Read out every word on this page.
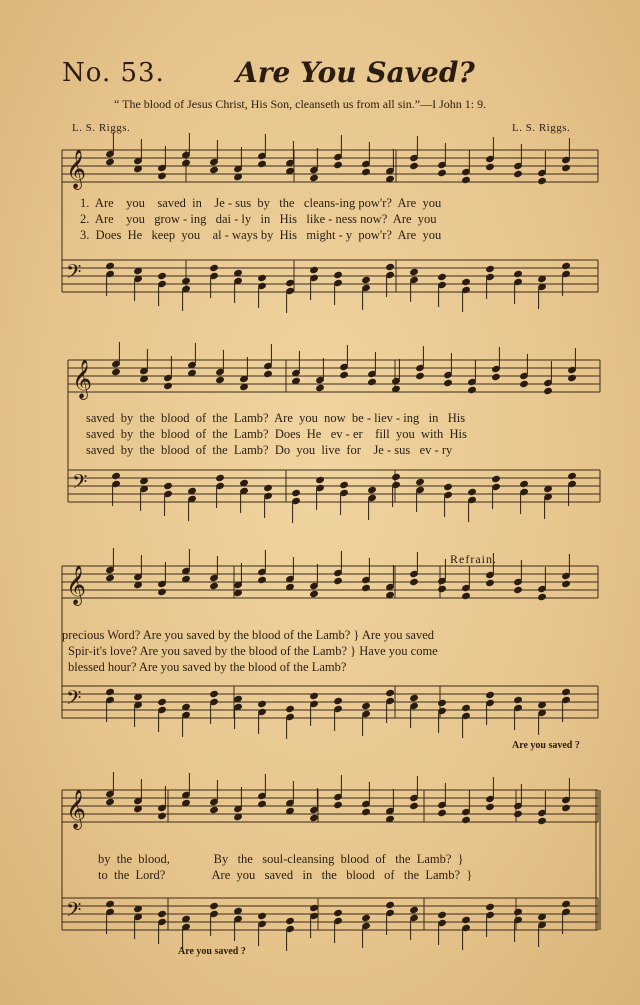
No. 53.	Are You Saved?
“ The blood of Jesus Christ, His Son, cleanseth us from all sin.”—I John 1: 9.
L. S. Riggs.	L. S. Riggs.
𝄞
𝄢
𝄞
𝄢
𝄞
𝄢
𝄞
𝄢
1.  Are    you    saved  in    Je - sus  by   the   cleans-ing pow'r?  Are  you
2.  Are    you   grow - ing   dai - ly   in   His   like - ness now?  Are  you
3.  Does  He   keep  you    al - ways by  His   might - y  pow'r?  Are  you
saved  by  the  blood  of  the  Lamb?  Are  you  now  be - liev - ing   in   His
saved  by  the  blood  of  the  Lamb?  Does  He   ev - er    fill  you  with  His
saved  by  the  blood  of  the  Lamb?  Do  you  live  for    Je - sus   ev - ry
Refrain.
precious Word? Are you saved by the blood of the Lamb? } Are you saved
Spir-it's love? Are you saved by the blood of the Lamb? } Have you come
blessed hour? Are you saved by the blood of the Lamb?
Are you saved ?
by  the  blood,              By   the   soul-cleansing  blood  of   the  Lamb?  }
to  the  Lord?               Are  you   saved   in   the   blood   of   the  Lamb?  }
Are you saved ?
